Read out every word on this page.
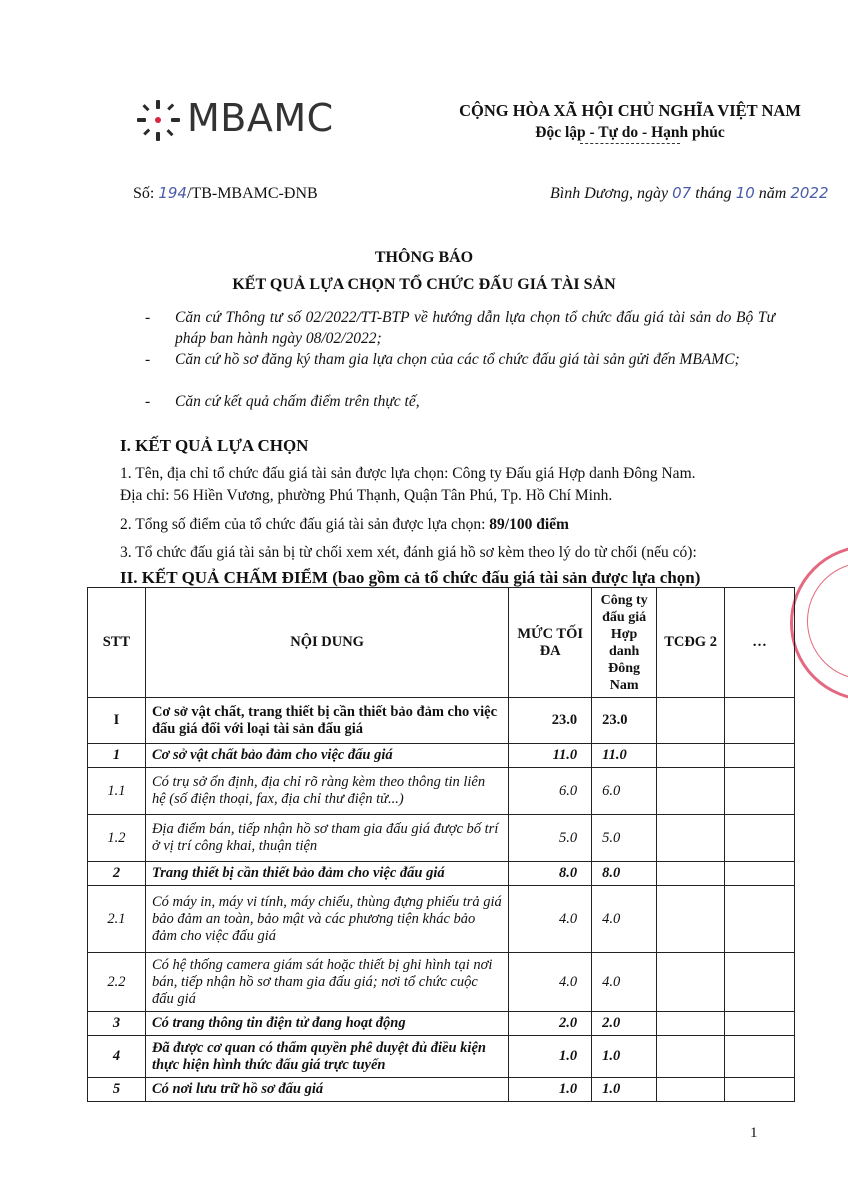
MBAMC	CỘNG HÒA XÃ HỘI CHỦ NGHĨA VIỆT NAM
Độc lập - Tự do - Hạnh phúc
Số: 194/TB-MBAMC-ĐNB	Bình Dương, ngày 07 tháng 10 năm 2022
THÔNG BÁO
KẾT QUẢ LỰA CHỌN TỔ CHỨC ĐẤU GIÁ TÀI SẢN
- Căn cứ Thông tư số 02/2022/TT-BTP về hướng dẫn lựa chọn tổ chức đấu giá tài sản do Bộ Tư pháp ban hành ngày 08/02/2022;
- Căn cứ hồ sơ đăng ký tham gia lựa chọn của các tổ chức đấu giá tài sản gửi đến MBAMC;
- Căn cứ kết quả chấm điểm trên thực tế,
I. KẾT QUẢ LỰA CHỌN
1. Tên, địa chỉ tổ chức đấu giá tài sản được lựa chọn: Công ty Đấu giá Hợp danh Đông Nam.
Địa chỉ: 56 Hiền Vương, phường Phú Thạnh, Quận Tân Phú, Tp. Hồ Chí Minh.
2. Tổng số điểm của tổ chức đấu giá tài sản được lựa chọn: 89/100 điểm
3. Tổ chức đấu giá tài sản bị từ chối xem xét, đánh giá hồ sơ kèm theo lý do từ chối (nếu có):
II. KẾT QUẢ CHẤM ĐIỂM (bao gồm cả tổ chức đấu giá tài sản được lựa chọn)
STT	NỘI DUNG	MỨC TỐI ĐA	Công ty đấu giá Hợp danh Đông Nam	TCĐG 2	…
I	Cơ sở vật chất, trang thiết bị cần thiết bảo đảm cho việc đấu giá đối với loại tài sản đấu giá	23.0	23.0		
1	Cơ sở vật chất bảo đảm cho việc đấu giá	11.0	11.0		
1.1	Có trụ sở ổn định, địa chỉ rõ ràng kèm theo thông tin liên hệ (số điện thoại, fax, địa chỉ thư điện tử...)	6.0	6.0		
1.2	Địa điểm bán, tiếp nhận hồ sơ tham gia đấu giá được bố trí ở vị trí công khai, thuận tiện	5.0	5.0		
2	Trang thiết bị cần thiết bảo đảm cho việc đấu giá	8.0	8.0		
2.1	Có máy in, máy vi tính, máy chiếu, thùng đựng phiếu trả giá bảo đảm an toàn, bảo mật và các phương tiện khác bảo đảm cho việc đấu giá	4.0	4.0		
2.2	Có hệ thống camera giám sát hoặc thiết bị ghi hình tại nơi bán, tiếp nhận hồ sơ tham gia đấu giá; nơi tổ chức cuộc đấu giá	4.0	4.0		
3	Có trang thông tin điện tử đang hoạt động	2.0	2.0		
4	Đã được cơ quan có thẩm quyền phê duyệt đủ điều kiện thực hiện hình thức đấu giá trực tuyến	1.0	1.0		
5	Có nơi lưu trữ hồ sơ đấu giá	1.0	1.0		
1
